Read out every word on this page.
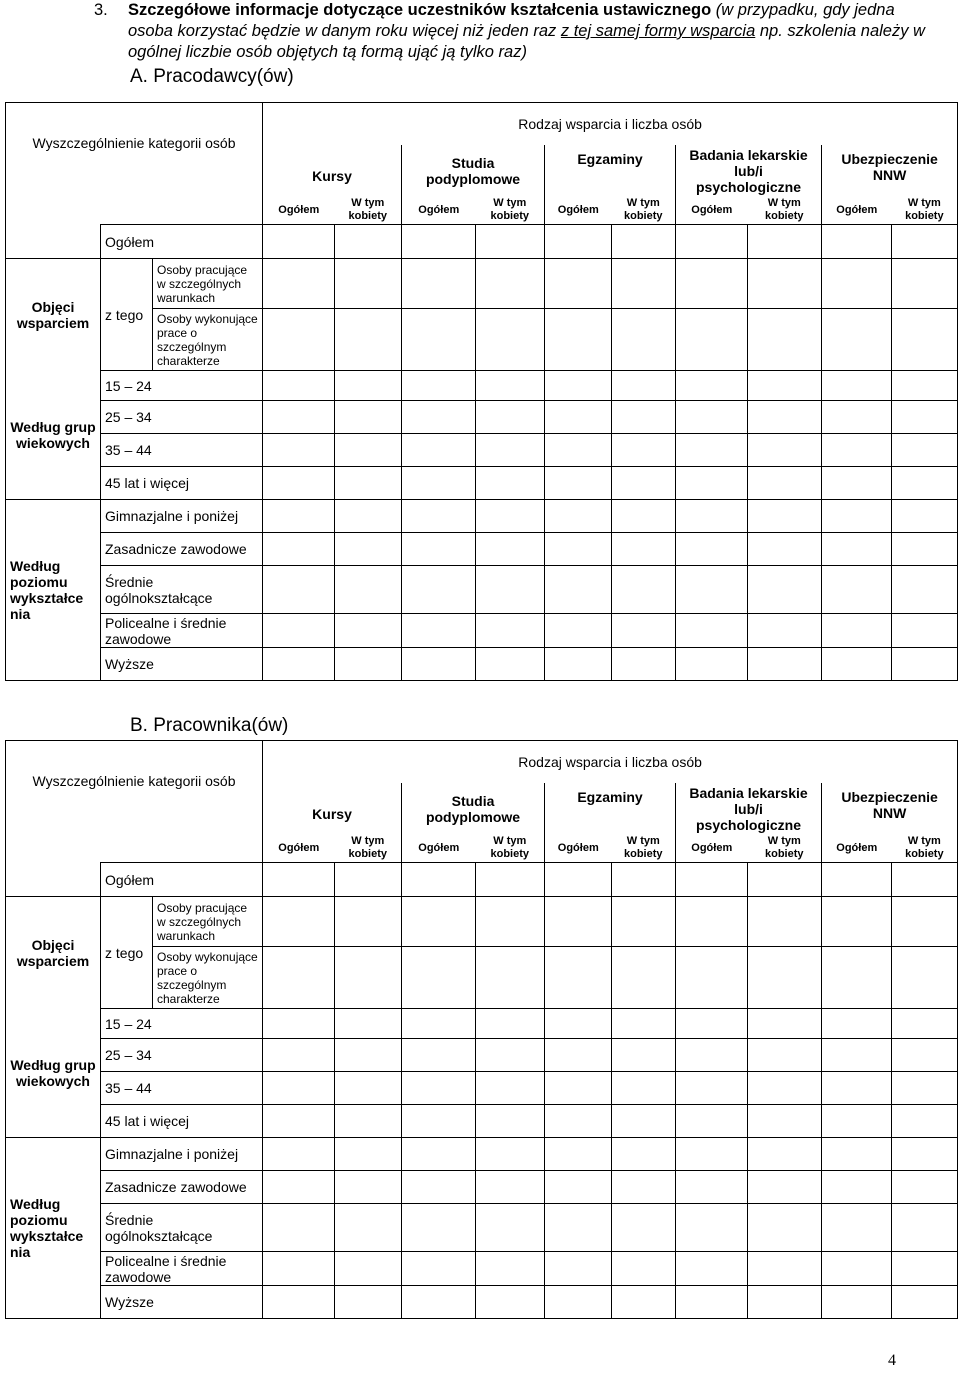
3. Szczegółowe informacje dotyczące uczestników kształcenia ustawicznego (w przypadku, gdy jedna osoba korzystać będzie w danym roku więcej niż jeden raz z tej samej formy wsparcia np. szkolenia należy w ogólnej liczbie osób objętych tą formą ująć ją tylko raz)
A. Pracodawcy(ów)
Wyszczególnienie kategorii osób			Rodzaj wsparcia i liczba osób									
			Kursy		Studia podyplomowe		Egzaminy		Badania lekarskie lub/i psychologiczne		Ubezpieczenie NNW	
			Ogółem	W tym kobiety	Ogółem	W tym kobiety	Ogółem	W tym kobiety	Ogółem	W tym kobiety	Ogółem	W tym kobiety
	Ogółem											
Objęci wsparciem	z tego	Osoby pracujące w szczególnych warunkach										
		Osoby wykonujące prace o szczególnym charakterze										
Według grup wiekowych	15 – 24											
	25 – 34											
	35 – 44											
	45 lat i więcej											
Według poziomu wykształce nia	Gimnazjalne i poniżej											
	Zasadnicze zawodowe											
	Średnie ogólnokształcące											
	Policealne i średnie zawodowe											
	Wyższe											
B. Pracownika(ów)
Wyszczególnienie kategorii osób			Rodzaj wsparcia i liczba osób									
			Kursy		Studia podyplomowe		Egzaminy		Badania lekarskie lub/i psychologiczne		Ubezpieczenie NNW	
			Ogółem	W tym kobiety	Ogółem	W tym kobiety	Ogółem	W tym kobiety	Ogółem	W tym kobiety	Ogółem	W tym kobiety
	Ogółem											
Objęci wsparciem	z tego	Osoby pracujące w szczególnych warunkach										
		Osoby wykonujące prace o szczególnym charakterze										
Według grup wiekowych	15 – 24											
	25 – 34											
	35 – 44											
	45 lat i więcej											
Według poziomu wykształce nia	Gimnazjalne i poniżej											
	Zasadnicze zawodowe											
	Średnie ogólnokształcące											
	Policealne i średnie zawodowe											
	Wyższe											
4
